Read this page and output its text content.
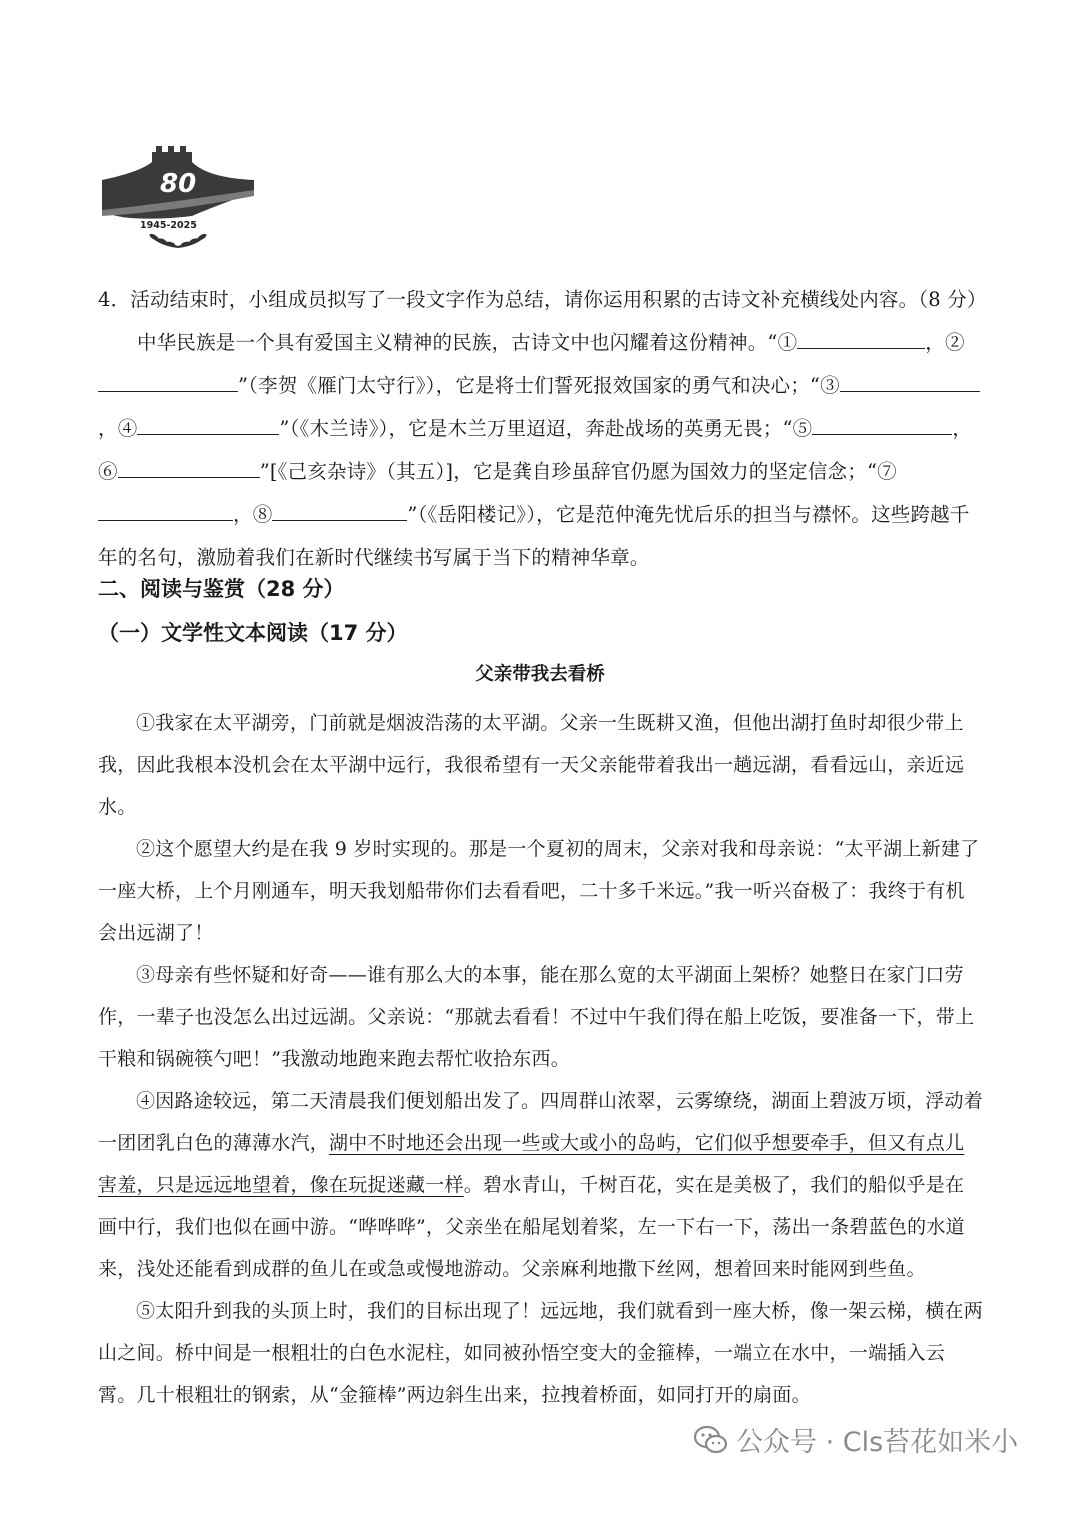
80
1945-2025

4．活动结束时，小组成员拟写了一段文字作为总结，请你运用积累的古诗文补充横线处内容。（8 分）

中华民族是一个具有爱国主义精神的民族，古诗文中也闪耀着这份精神。“①	，②”（李贺《雁门太守行》），它是将士们誓死报效国家的勇气和决心；“③，④	”（《木兰诗》），它是木兰万里迢迢，奔赴战场的英勇无畏；“⑤	，⑥	”[《己亥杂诗》（其五）]，它是龚自珍虽辞官仍愿为国效力的坚定信念；“⑦，⑧	”（《岳阳楼记》），它是范仲淹先忧后乐的担当与襟怀。这些跨越千年的名句，激励着我们在新时代继续书写属于当下的精神华章。

二、阅读与鉴赏（28 分）
（一）文学性文本阅读（17 分）
父亲带我去看桥

①我家在太平湖旁，门前就是烟波浩荡的太平湖。父亲一生既耕又渔，但他出湖打鱼时却很少带上我，因此我根本没机会在太平湖中远行，我很希望有一天父亲能带着我出一趟远湖，看看远山，亲近远水。

②这个愿望大约是在我 9 岁时实现的。那是一个夏初的周末，父亲对我和母亲说：“太平湖上新建了一座大桥，上个月刚通车，明天我划船带你们去看看吧，二十多千米远。”我一听兴奋极了：我终于有机会出远湖了！

③母亲有些怀疑和好奇——谁有那么大的本事，能在那么宽的太平湖面上架桥？她整日在家门口劳作，一辈子也没怎么出过远湖。父亲说：“那就去看看！不过中午我们得在船上吃饭，要准备一下，带上干粮和锅碗筷勺吧！”我激动地跑来跑去帮忙收拾东西。

④因路途较远，第二天清晨我们便划船出发了。四周群山浓翠，云雾缭绕，湖面上碧波万顷，浮动着一团团乳白色的薄薄水汽，湖中不时地还会出现一些或大或小的岛屿，它们似乎想要牵手，但又有点儿害羞，只是远远地望着，像在玩捉迷藏一样。碧水青山，千树百花，实在是美极了，我们的船似乎是在画中行，我们也似在画中游。“哗哗哗”，父亲坐在船尾划着桨，左一下右一下，荡出一条碧蓝色的水道来，浅处还能看到成群的鱼儿在或急或慢地游动。父亲麻利地撒下丝网，想着回来时能网到些鱼。

⑤太阳升到我的头顶上时，我们的目标出现了！远远地，我们就看到一座大桥，像一架云梯，横在两山之间。桥中间是一根粗壮的白色水泥柱，如同被孙悟空变大的金箍棒，一端立在水中，一端插入云霄。几十根粗壮的钢索，从“金箍棒”两边斜生出来，拉拽着桥面，如同打开的扇面。

公众号 · Cls苔花如米小
